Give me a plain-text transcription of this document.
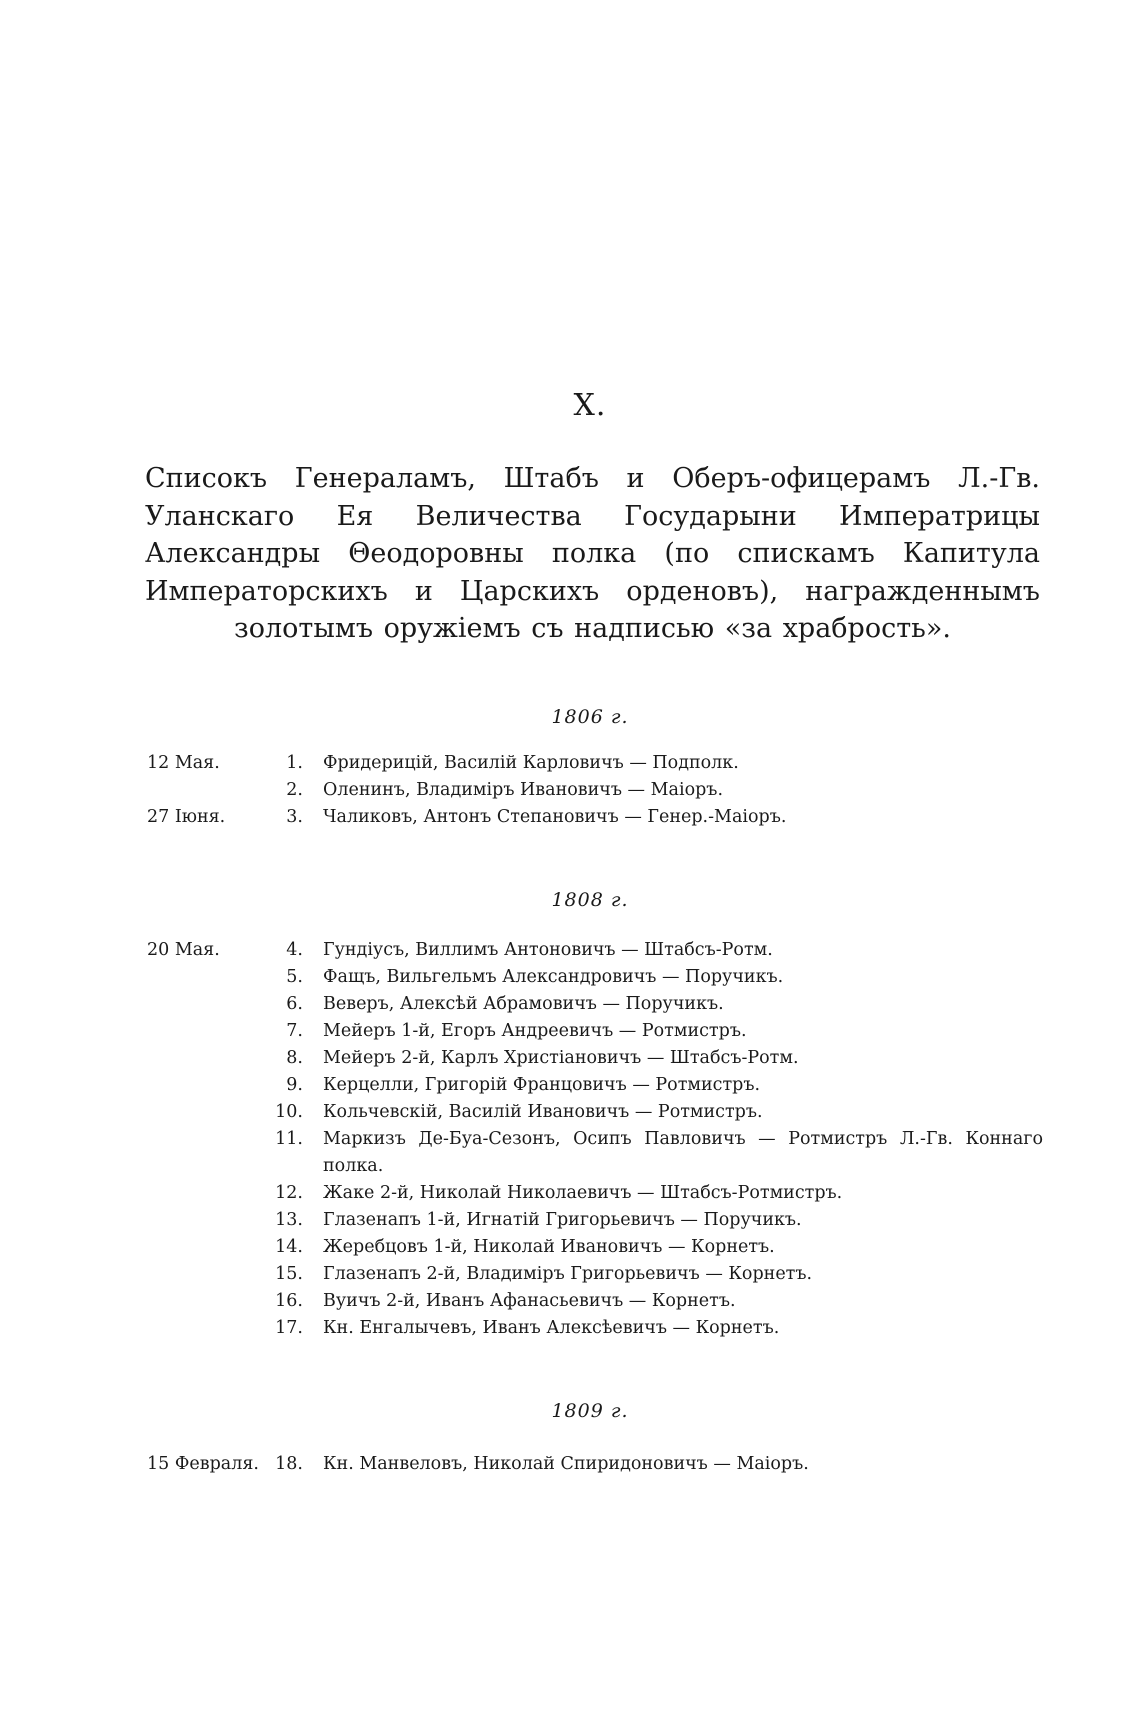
X.
Списокъ Генераламъ, Штабъ и Оберъ-офицерамъ Л.-Гв. Уланскаго Ея Величества Государыни Императрицы Александры Θеодоровны полка (по спискамъ Капитула Императорскихъ и Царскихъ орденовъ), награжденнымъ золотымъ оружіемъ съ надписью «за храбрость».
1806 г.
1808 г.
1809 г.
12 Мая.	1. Фридерицій, Василій Карловичъ — Подполк.
2. Оленинъ, Владиміръ Ивановичъ — Маіоръ.
27 Іюня.	3. Чаликовъ, Антонъ Степановичъ — Генер.-Маіоръ.
20 Мая.	4. Гундіусъ, Виллимъ Антоновичъ — Штабсъ-Ротм.
5. Фащъ, Вильгельмъ Александровичъ — Поручикъ.
6. Веверъ, Алексѣй Абрамовичъ — Поручикъ.
7. Мейеръ 1-й, Егоръ Андреевичъ — Ротмистръ.
8. Мейеръ 2-й, Карлъ Христіановичъ — Штабсъ-Ротм.
9. Керцелли, Григорій Францовичъ — Ротмистръ.
10. Кольчевскій, Василій Ивановичъ — Ротмистръ.
11. Маркизъ Де-Буа-Сезонъ, Осипъ Павловичъ — Ротмистръ Л.-Гв. Коннаго полка.
12. Жаке 2-й, Николай Николаевичъ — Штабсъ-Ротмистръ.
13. Глазенапъ 1-й, Игнатій Григорьевичъ — Поручикъ.
14. Жеребцовъ 1-й, Николай Ивановичъ — Корнетъ.
15. Глазенапъ 2-й, Владиміръ Григорьевичъ — Корнетъ.
16. Вуичъ 2-й, Иванъ Афанасьевичъ — Корнетъ.
17. Кн. Енгалычевъ, Иванъ Алексѣевичъ — Корнетъ.
15 Февраля. 18. Кн. Манвеловъ, Николай Спиридоновичъ — Маіоръ.
